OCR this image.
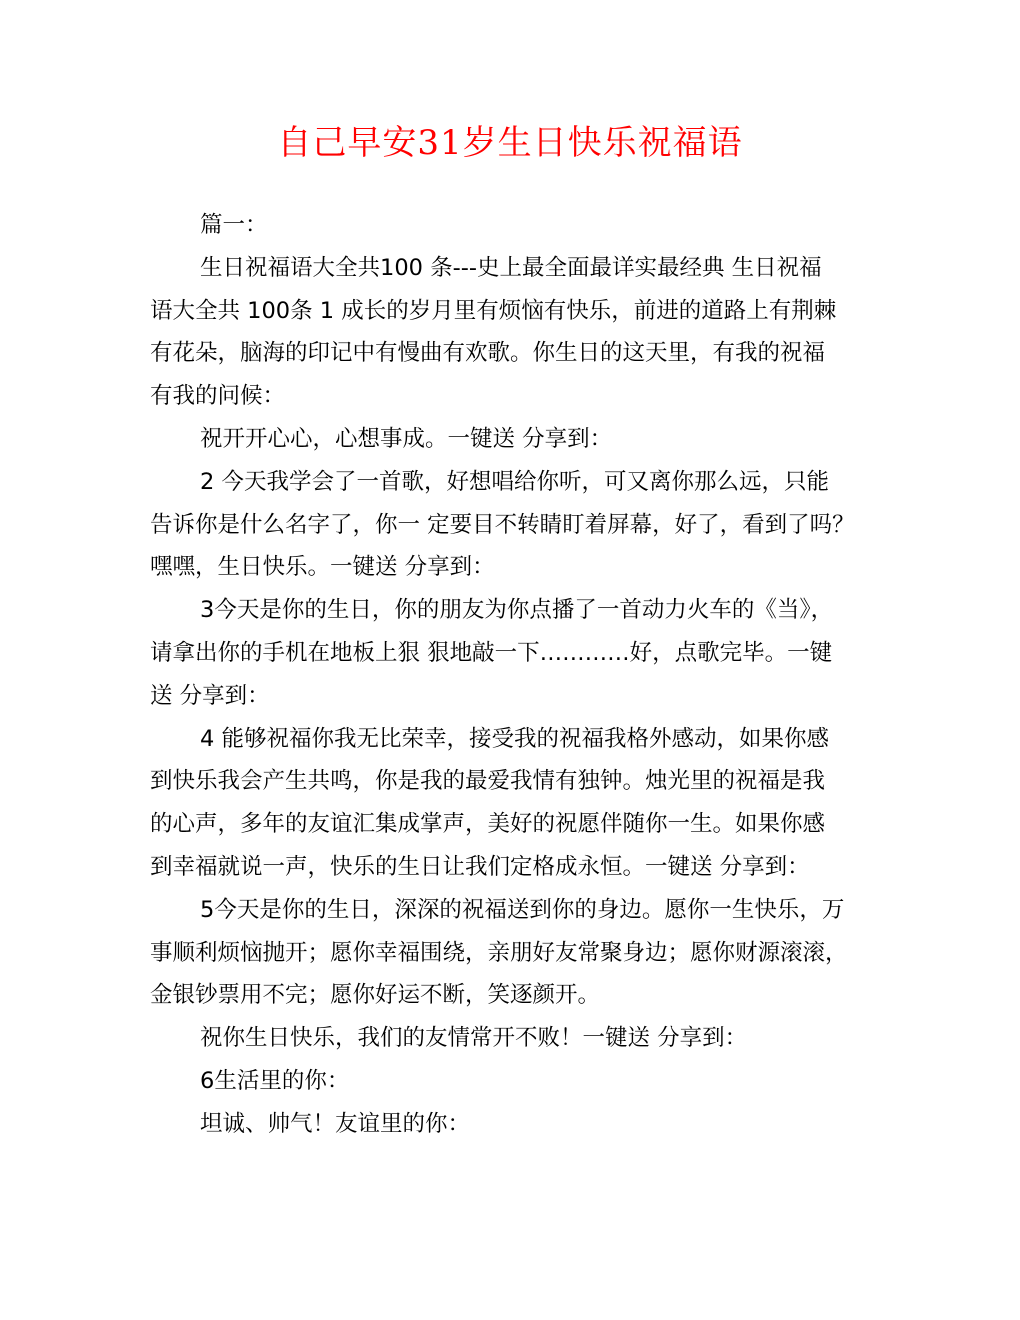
自己早安31岁生日快乐祝福语
篇一：
生日祝福语大全共100 条---史上最全面最详实最经典 生日祝福
语大全共 100条 1 成长的岁月里有烦恼有快乐，前进的道路上有荆棘
有花朵，脑海的印记中有慢曲有欢歌。你生日的这天里，有我的祝福
有我的问候：
祝开开心心，心想事成。一键送 分享到：
2 今天我学会了一首歌，好想唱给你听，可又离你那么远，只能
告诉你是什么名字了，你一 定要目不转睛盯着屏幕，好了，看到了吗？
嘿嘿，生日快乐。一键送 分享到：
3今天是你的生日，你的朋友为你点播了一首动力火车的《当》，
请拿出你的手机在地板上狠 狠地敲一下…………好，点歌完毕。一键
送 分享到：
4 能够祝福你我无比荣幸，接受我的祝福我格外感动，如果你感
到快乐我会产生共鸣，你是我的最爱我情有独钟。烛光里的祝福是我
的心声，多年的友谊汇集成掌声，美好的祝愿伴随你一生。如果你感
到幸福就说一声，快乐的生日让我们定格成永恒。一键送 分享到：
5今天是你的生日，深深的祝福送到你的身边。愿你一生快乐，万
事顺利烦恼抛开；愿你幸福围绕，亲朋好友常聚身边；愿你财源滚滚，
金银钞票用不完；愿你好运不断，笑逐颜开。
祝你生日快乐，我们的友情常开不败！一键送 分享到：
6生活里的你：
坦诚、帅气！友谊里的你：
